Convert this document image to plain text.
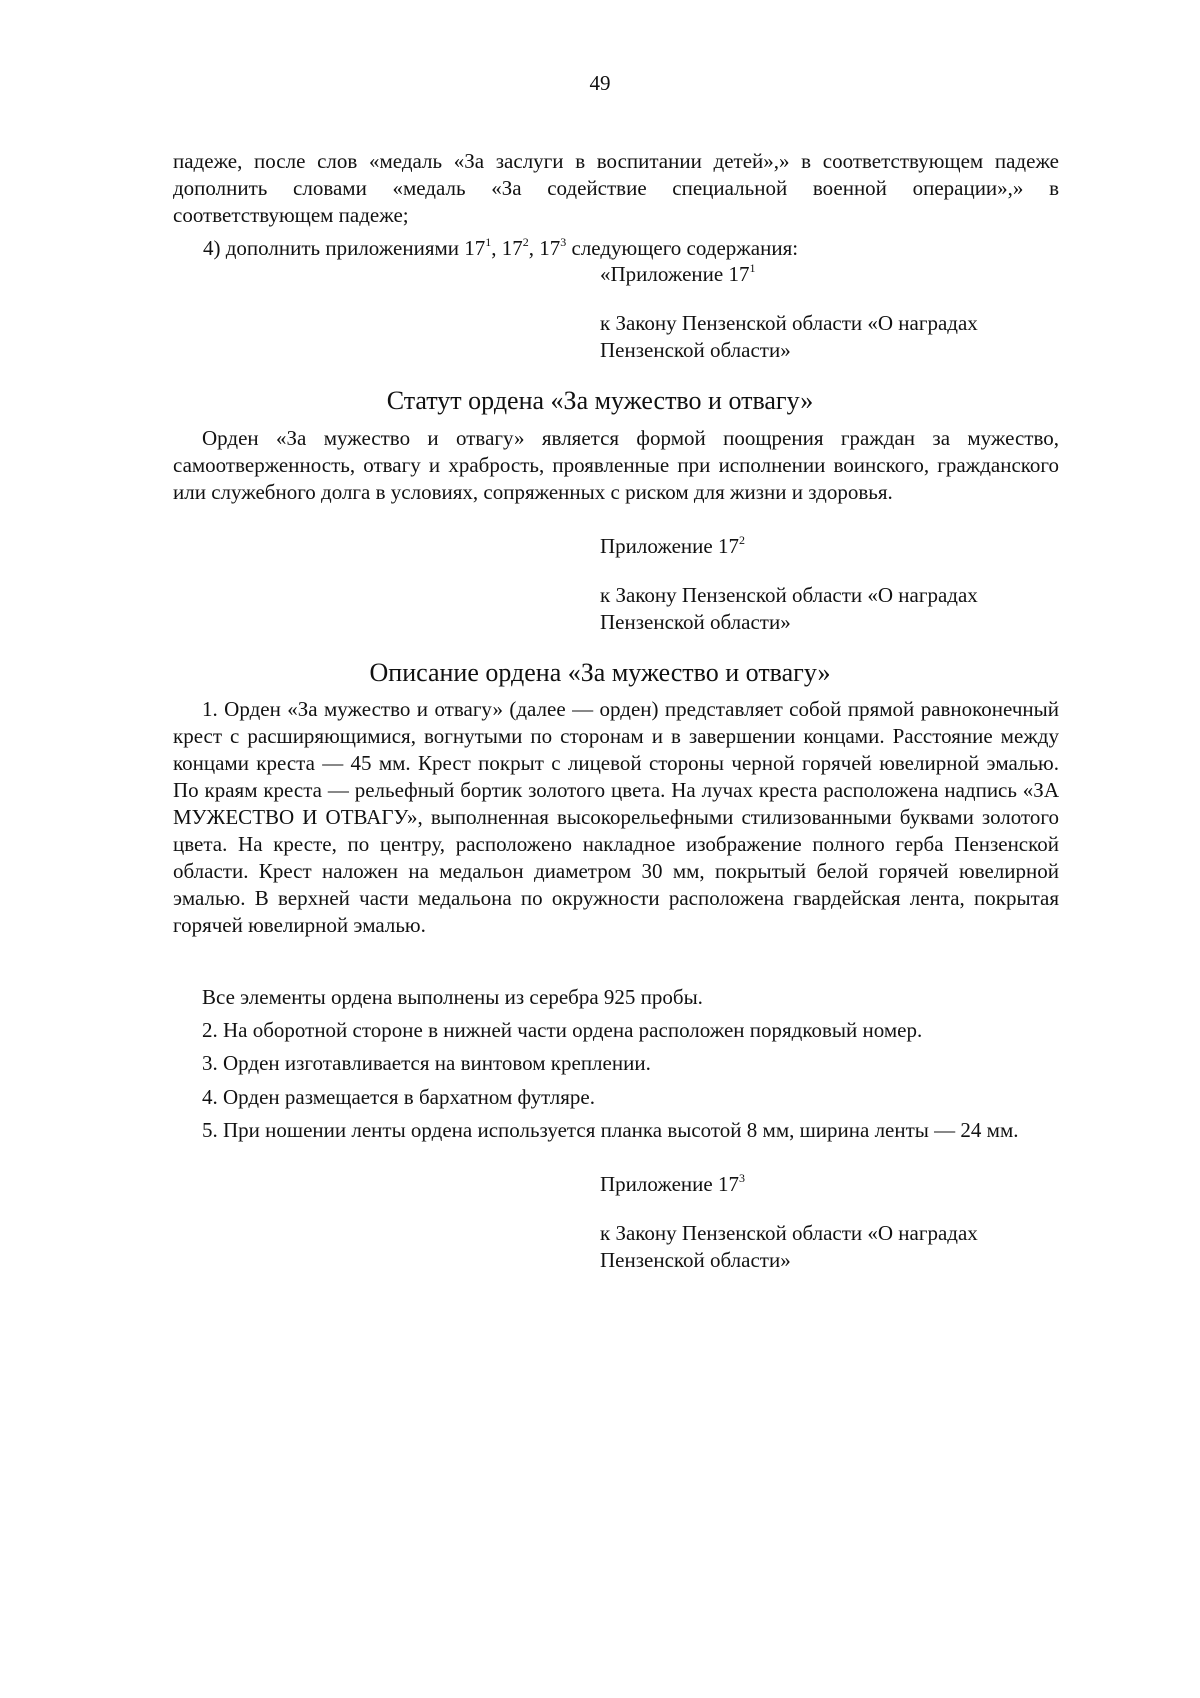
49

падеже, после слов «медаль «За заслуги в воспитании детей»,» в соответствующем падеже дополнить словами «медаль «За содействие специальной военной операции»,» в соответствующем падеже;

4) дополнить приложениями $17^1$, $17^2$, $17^3$ следующего содержания:

«Приложение $17^1$

к Закону Пензенской области «О наградах

Пензенской области»

Статут ордена «За мужество и отвагу»

Орден «За мужество и отвагу» является формой поощрения граждан за мужество, самоотверженность, отвагу и храбрость, проявленные при исполнении воинского, гражданского или служебного долга в условиях, сопряженных с риском для жизни и здоровья.

Приложение $17^2$

к Закону Пензенской области «О наградах

Пензенской области»

Описание ордена «За мужество и отвагу»

1. Орден «За мужество и отвагу» (далее — орден) представляет собой прямой равноконечный крест с расширяющимися, вогнутыми по сторонам и в завершении концами. Расстояние между концами креста — 45 мм. Крест покрыт с лицевой стороны черной горячей ювелирной эмалью. По краям креста — рельефный бортик золотого цвета. На лучах креста расположена надпись «ЗА МУЖЕСТВО И ОТВАГУ», выполненная высокорельефными стилизованными буквами золотого цвета. На кресте, по центру, расположено накладное изображение полного герба Пензенской области. Крест наложен на медальон диаметром 30 мм, покрытый белой горячей ювелирной эмалью. В верхней части медальона по окружности расположена гвардейская лента, покрытая горячей ювелирной эмалью.

Все элементы ордена выполнены из серебра 925 пробы.

2. На оборотной стороне в нижней части ордена расположен порядковый номер.

3. Орден изготавливается на винтовом креплении.

4. Орден размещается в бархатном футляре.

5. При ношении ленты ордена используется планка высотой 8 мм, ширина ленты — 24 мм.

Приложение $17^3$

к Закону Пензенской области «О наградах

Пензенской области»
